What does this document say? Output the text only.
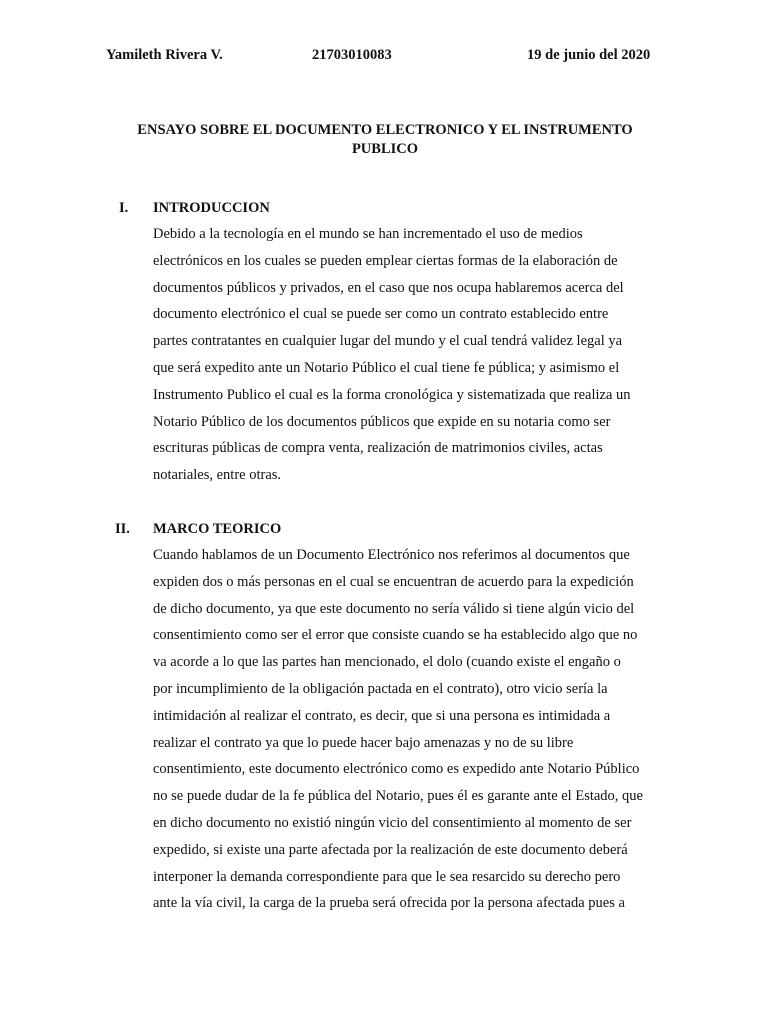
Yamileth Rivera V.	21703010083	19 de junio del 2020
ENSAYO SOBRE EL DOCUMENTO ELECTRONICO Y EL INSTRUMENTO
PUBLICO
I. INTRODUCCION

Debido a la tecnología en el mundo se han incrementado el uso de medios
electrónicos en los cuales se pueden emplear ciertas formas de la elaboración de
documentos públicos y privados, en el caso que nos ocupa hablaremos acerca del
documento electrónico el cual se puede ser como un contrato establecido entre
partes contratantes en cualquier lugar del mundo y el cual tendrá validez legal ya
que será expedito ante un Notario Público el cual tiene fe pública; y asimismo el
Instrumento Publico el cual es la forma cronológica y sistematizada que realiza un
Notario Público de los documentos públicos que expide en su notaria como ser
escrituras públicas de compra venta, realización de matrimonios civiles, actas
notariales, entre otras.

II. MARCO TEORICO

Cuando hablamos de un Documento Electrónico nos referimos al documentos que
expiden dos o más personas en el cual se encuentran de acuerdo para la expedición
de dicho documento, ya que este documento no sería válido si tiene algún vicio del
consentimiento como ser el error que consiste cuando se ha establecido algo que no
va acorde a lo que las partes han mencionado, el dolo (cuando existe el engaño o
por incumplimiento de la obligación pactada en el contrato), otro vicio sería la
intimidación al realizar el contrato, es decir, que si una persona es intimidada a
realizar el contrato ya que lo puede hacer bajo amenazas y no de su libre
consentimiento, este documento electrónico como es expedido ante Notario Público
no se puede dudar de la fe pública del Notario, pues él es garante ante el Estado, que
en dicho documento no existió ningún vicio del consentimiento al momento de ser
expedido, si existe una parte afectada por la realización de este documento deberá
interponer la demanda correspondiente para que le sea resarcido su derecho pero
ante la vía civil, la carga de la prueba será ofrecida por la persona afectada pues a
